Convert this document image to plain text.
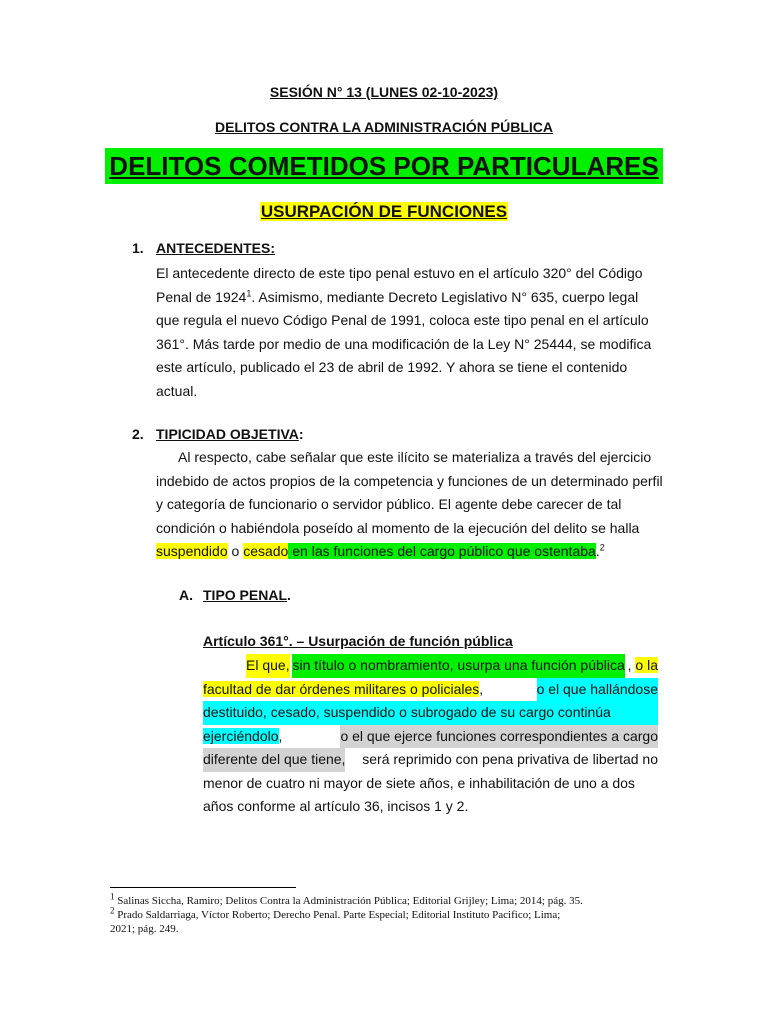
SESIÓN N° 13 (LUNES 02-10-2023)
DELITOS CONTRA LA ADMINISTRACIÓN PÚBLICA
DELITOS COMETIDOS POR PARTICULARES
USURPACIÓN DE FUNCIONES
1. ANTECEDENTES:
El antecedente directo de este tipo penal estuvo en el artículo 320° del Código
Penal de 1924$^1$. Asimismo, mediante Decreto Legislativo N° 635, cuerpo legal
que regula el nuevo Código Penal de 1991, coloca este tipo penal en el artículo
361°. Más tarde por medio de una modificación de la Ley N° 25444, se modifica
este artículo, publicado el 23 de abril de 1992. Y ahora se tiene el contenido
actual.
2. TIPICIDAD OBJETIVA:
Al respecto, cabe señalar que este ilícito se materializa a través del ejercicio
indebido de actos propios de la competencia y funciones de un determinado perfil
y categoría de funcionario o servidor público. El agente debe carecer de tal
condición o habiéndola poseído al momento de la ejecución del delito se halla
suspendido o cesado en las funciones del cargo público que ostentaba.$^2$
A. TIPO PENAL.
Artículo 361°. – Usurpación de función pública
El que, sin título o nombramiento, usurpa una función pública , o la
facultad de dar órdenes militares o policiales,	o el que hallándose
destituido, cesado, suspendido o subrogado de su cargo continúa
ejerciéndolo,	o el que ejerce funciones correspondientes a cargo
diferente del que tiene, será reprimido con pena privativa de libertad no
menor de cuatro ni mayor de siete años, e inhabilitación de uno a dos
años conforme al artículo 36, incisos 1 y 2.
$^1$ Salinas Siccha, Ramiro; Delitos Contra la Administración Pública; Editorial Grijley; Lima; 2014; pág. 35.
$^2$ Prado Saldarriaga, Víctor Roberto; Derecho Penal. Parte Especial; Editorial Instituto Pacifico; Lima;
2021; pág. 249.
